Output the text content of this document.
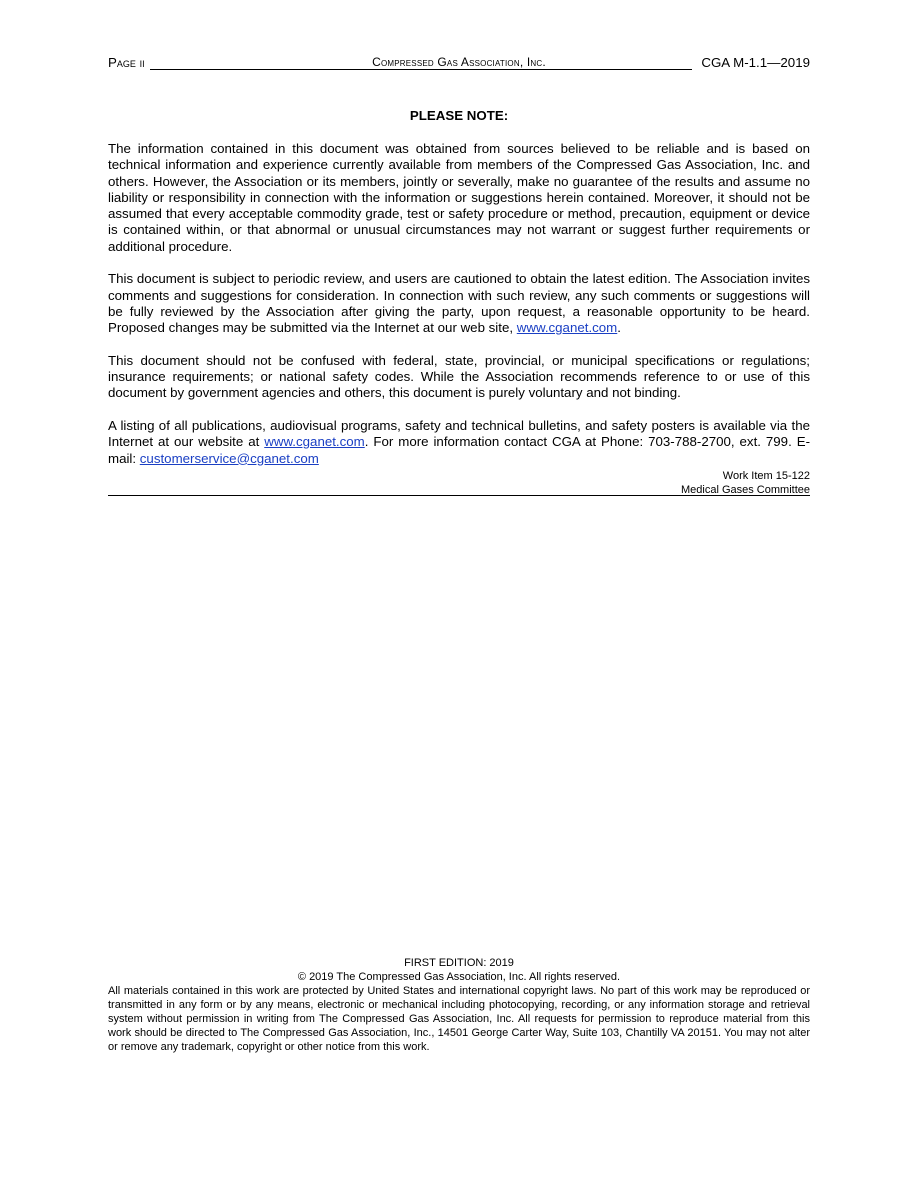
Page ii	Compressed Gas Association, Inc.	CGA M-1.1—2019
PLEASE NOTE:

The information contained in this document was obtained from sources believed to be reliable and is based on technical information and experience currently available from members of the Compressed Gas Association, Inc. and others. However, the Association or its members, jointly or severally, make no guarantee of the results and assume no liability or responsibility in connection with the information or suggestions herein contained. Moreover, it should not be assumed that every acceptable commodity grade, test or safety procedure or method, precaution, equipment or device is contained within, or that abnormal or unusual circumstances may not warrant or suggest further requirements or additional procedure.

This document is subject to periodic review, and users are cautioned to obtain the latest edition. The Association invites comments and suggestions for consideration. In connection with such review, any such comments or suggestions will be fully reviewed by the Association after giving the party, upon request, a reasonable opportunity to be heard. Proposed changes may be submitted via the Internet at our web site, www.cganet.com.

This document should not be confused with federal, state, provincial, or municipal specifications or regulations; insurance requirements; or national safety codes. While the Association recommends reference to or use of this document by government agencies and others, this document is purely voluntary and not binding.

A listing of all publications, audiovisual programs, safety and technical bulletins, and safety posters is available via the Internet at our website at www.cganet.com. For more information contact CGA at Phone: 703-788-2700, ext. 799. E-mail: customerservice@cganet.com

Work Item 15-122
Medical Gases Committee
FIRST EDITION: 2019
© 2019 The Compressed Gas Association, Inc. All rights reserved.
All materials contained in this work are protected by United States and international copyright laws. No part of this work may be reproduced or transmitted in any form or by any means, electronic or mechanical including photocopying, recording, or any information storage and retrieval system without permission in writing from The Compressed Gas Association, Inc. All requests for permission to reproduce material from this work should be directed to The Compressed Gas Association, Inc., 14501 George Carter Way, Suite 103, Chantilly VA 20151. You may not alter or remove any trademark, copyright or other notice from this work.
